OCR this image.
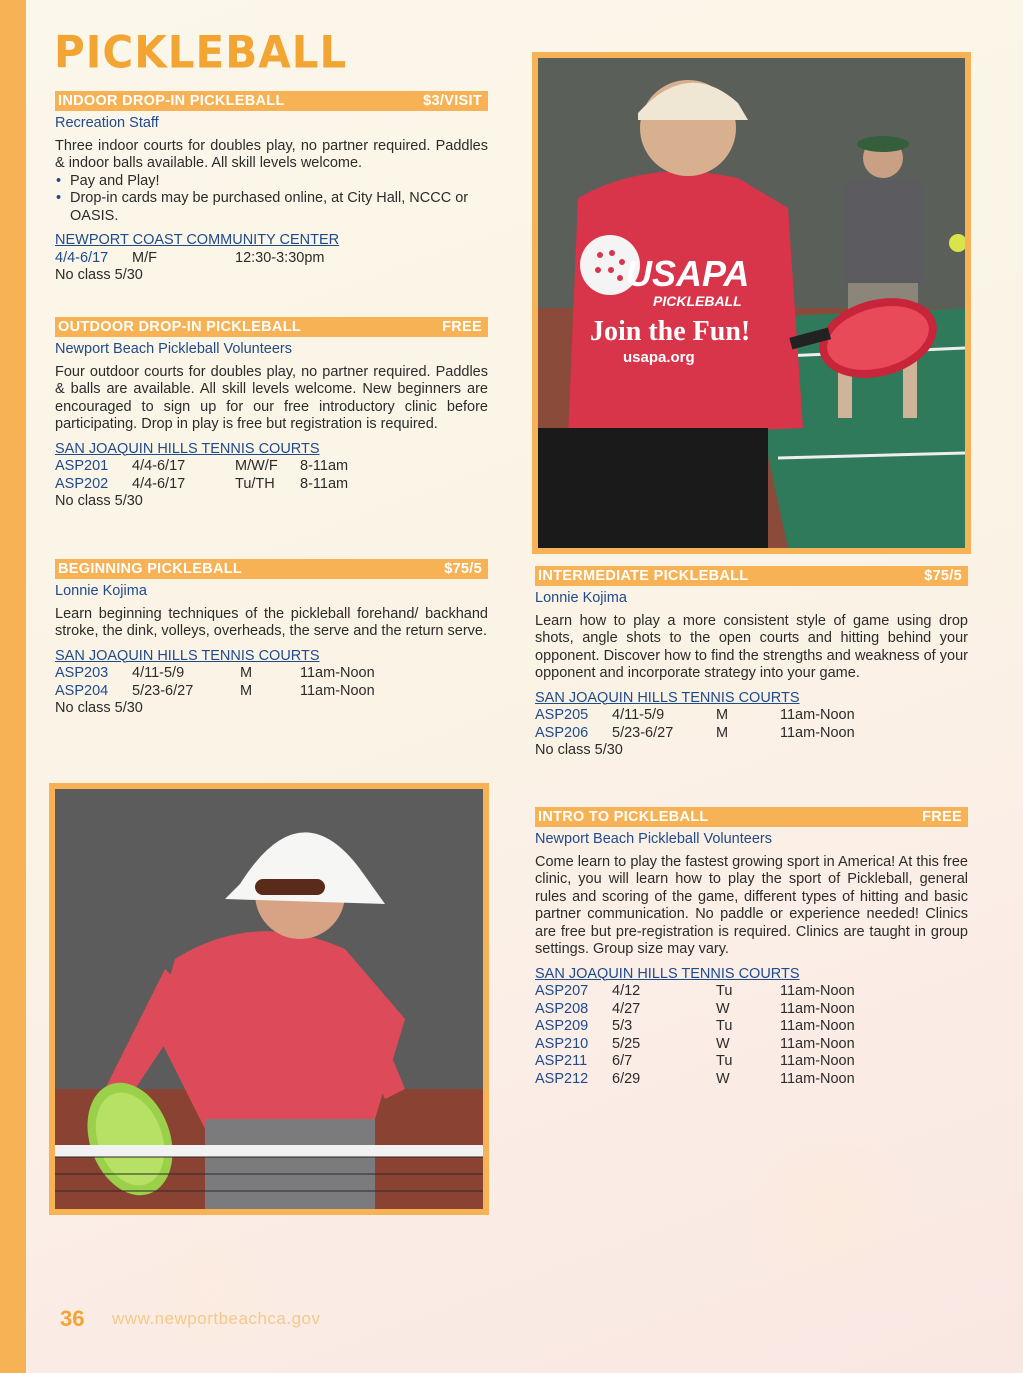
PICKLEBALL
INDOOR DROP-IN PICKLEBALL	$3/VISIT
Recreation Staff
Three indoor courts for doubles play, no partner required. Paddles & indoor balls available. All skill levels welcome.
• Pay and Play!
• Drop-in cards may be purchased online, at City Hall, NCCC or OASIS.
NEWPORT COAST COMMUNITY CENTER
4/4-6/17	M/F	12:30-3:30pm
No class 5/30
OUTDOOR DROP-IN PICKLEBALL	FREE
Newport Beach Pickleball Volunteers
Four outdoor courts for doubles play, no partner required. Paddles & balls are available. All skill levels welcome. New beginners are encouraged to sign up for our free introductory clinic before participating. Drop in play is free but registration is required.
SAN JOAQUIN HILLS TENNIS COURTS
ASP201	4/4-6/17	M/W/F	8-11am
ASP202	4/4-6/17	Tu/TH	8-11am
No class 5/30
BEGINNING PICKLEBALL	$75/5
Lonnie Kojima
Learn beginning techniques of the pickleball forehand/ backhand stroke, the dink, volleys, overheads, the serve and the return serve.
SAN JOAQUIN HILLS TENNIS COURTS
ASP203	4/11-5/9	M	11am-Noon
ASP204	5/23-6/27	M	11am-Noon
No class 5/30
USAPA
PICKLEBALL
Join the Fun!
usapa.org
INTERMEDIATE PICKLEBALL	$75/5
Lonnie Kojima
Learn how to play a more consistent style of game using drop shots, angle shots to the open courts and hitting behind your opponent. Discover how to find the strengths and weakness of your opponent and incorporate strategy into your game.
SAN JOAQUIN HILLS TENNIS COURTS
ASP205	4/11-5/9	M	11am-Noon
ASP206	5/23-6/27	M	11am-Noon
No class 5/30
INTRO TO PICKLEBALL	FREE
Newport Beach Pickleball Volunteers
Come learn to play the fastest growing sport in America! At this free clinic, you will learn how to play the sport of Pickleball, general rules and scoring of the game, different types of hitting and basic partner communication. No paddle or experience needed! Clinics are free but pre-registration is required. Clinics are taught in group settings. Group size may vary.
SAN JOAQUIN HILLS TENNIS COURTS
ASP207	4/12	Tu	11am-Noon
ASP208	4/27	W	11am-Noon
ASP209	5/3	Tu	11am-Noon
ASP210	5/25	W	11am-Noon
ASP211	6/7	Tu	11am-Noon
ASP212	6/29	W	11am-Noon
36 www.newportbeachca.gov
